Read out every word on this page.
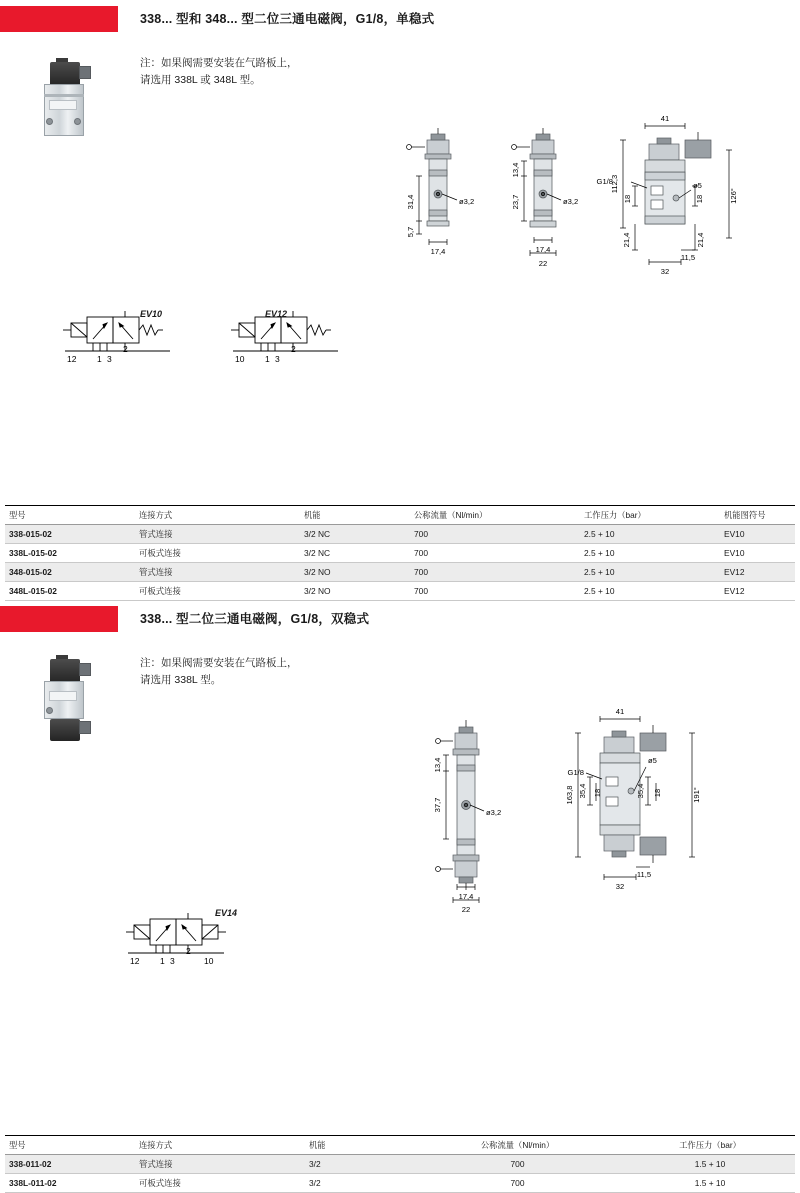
338... 型和 348... 型二位三通电磁阀，G1/8，单稳式
注：如果阀需要安装在气路板上，
请选用 338L 或 348L 型。
31,4
5,7
17,4
ø3,2
13,4
23,7
17,4
22
ø3,2
41
G1/8
112,3
18	18
21,4	21,4
32
11,5
ø5
126°
2
12 1 3
2
10 1 3
EV10	EV12
型号	连接方式	机能	公称流量（Nl/min）	工作压力（bar）	机能图符号
338-015-02	管式连接	3/2 NC	700	2.5 + 10	EV10
338L-015-02	可板式连接	3/2 NC	700	2.5 + 10	EV10
348-015-02	管式连接	3/2 NO	700	2.5 + 10	EV12
348L-015-02	可板式连接	3/2 NO	700	2.5 + 10	EV12
338... 型二位三通电磁阀，G1/8，双稳式
注：如果阀需要安装在气路板上，
请选用 338L 型。
13,4
37,7
ø3,2
17,4
22
41
G1/8
163,8 35,4 18	35,4 18
ø5
191°
32
11,5
2
12 1 3	10
EV14
型号	连接方式	机能	公称流量（Nl/min）	工作压力（bar）
338-011-02	管式连接	3/2	700	1.5 + 10
338L-011-02	可板式连接	3/2	700	1.5 + 10
